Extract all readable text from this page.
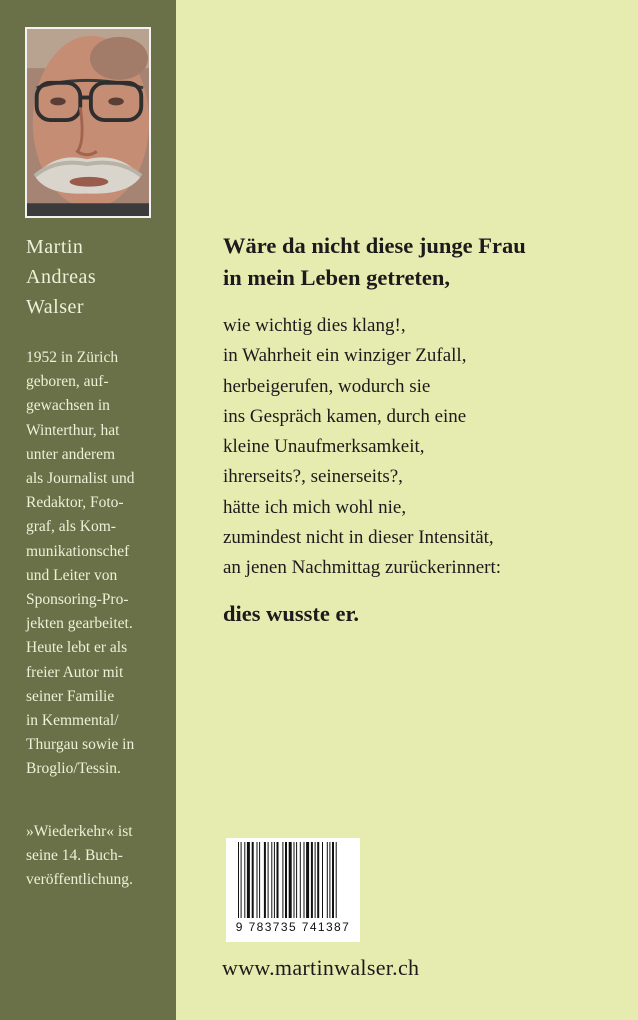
Martin
Andreas
Walser
1952 in Zürich
geboren, auf-
gewachsen in
Winterthur, hat
unter anderem
als Journalist und
Redaktor, Foto-
graf, als Kom-
munikationschef
und Leiter von
Sponsoring-Pro-
jekten gearbeitet.
Heute lebt er als
freier Autor mit
seiner Familie
in Kemmental/
Thurgau sowie in
Broglio/Tessin.
»Wiederkehr« ist
seine 14. Buch-
veröffentlichung.
Wäre da nicht diese junge Frau
in mein Leben getreten,
wie wichtig dies klang!,
in Wahrheit ein winziger Zufall,
herbeigerufen, wodurch sie
ins Gespräch kamen, durch eine
kleine Unaufmerksamkeit,
ihrerseits?, seinerseits?,
hätte ich mich wohl nie,
zumindest nicht in dieser Intensität,
an jenen Nachmittag zurückerinnert:
dies wusste er.
9 783735 741387
www.martinwalser.ch
